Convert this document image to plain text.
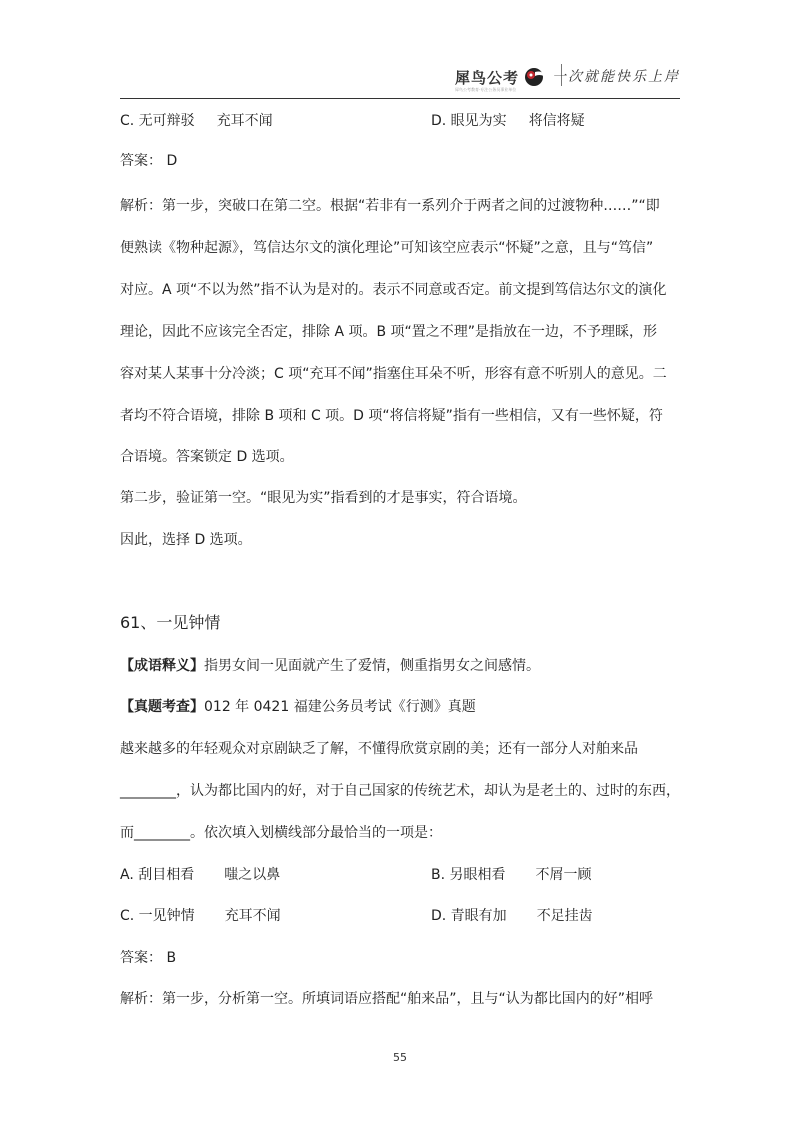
犀鸟公考
犀鸟公考教育·专注公务员事业单位
一次就能快乐上岸
C. 无可辩驳 充耳不闻	D. 眼见为实 将信将疑
答案： D
解析：第一步，突破口在第二空。根据“若非有一系列介于两者之间的过渡物种……”“即
便熟读《物种起源》，笃信达尔文的演化理论”可知该空应表示“怀疑”之意，且与“笃信”
对应。A 项“不以为然”指不认为是对的。表示不同意或否定。前文提到笃信达尔文的演化
理论，因此不应该完全否定，排除 A 项。B 项“置之不理”是指放在一边，不予理睬，形
容对某人某事十分冷淡；C 项“充耳不闻”指塞住耳朵不听，形容有意不听别人的意见。二
者均不符合语境，排除 B 项和 C 项。D 项“将信将疑”指有一些相信，又有一些怀疑，符
合语境。答案锁定 D 选项。
第二步，验证第一空。“眼见为实”指看到的才是事实，符合语境。
因此，选择 D 选项。
61、一见钟情
【成语释义】指男女间一见面就产生了爱情，侧重指男女之间感情。
【真题考查】012 年 0421 福建公务员考试《行测》真题
越来越多的年轻观众对京剧缺乏了解，不懂得欣赏京剧的美；还有一部分人对舶来品
________，认为都比国内的好，对于自己国家的传统艺术，却认为是老土的、过时的东西，
而________。依次填入划横线部分最恰当的一项是：
A. 刮目相看 嗤之以鼻	B. 另眼相看 不屑一顾
C. 一见钟情 充耳不闻	D. 青眼有加 不足挂齿
答案： B
解析：第一步，分析第一空。所填词语应搭配“舶来品”，且与“认为都比国内的好”相呼
55
